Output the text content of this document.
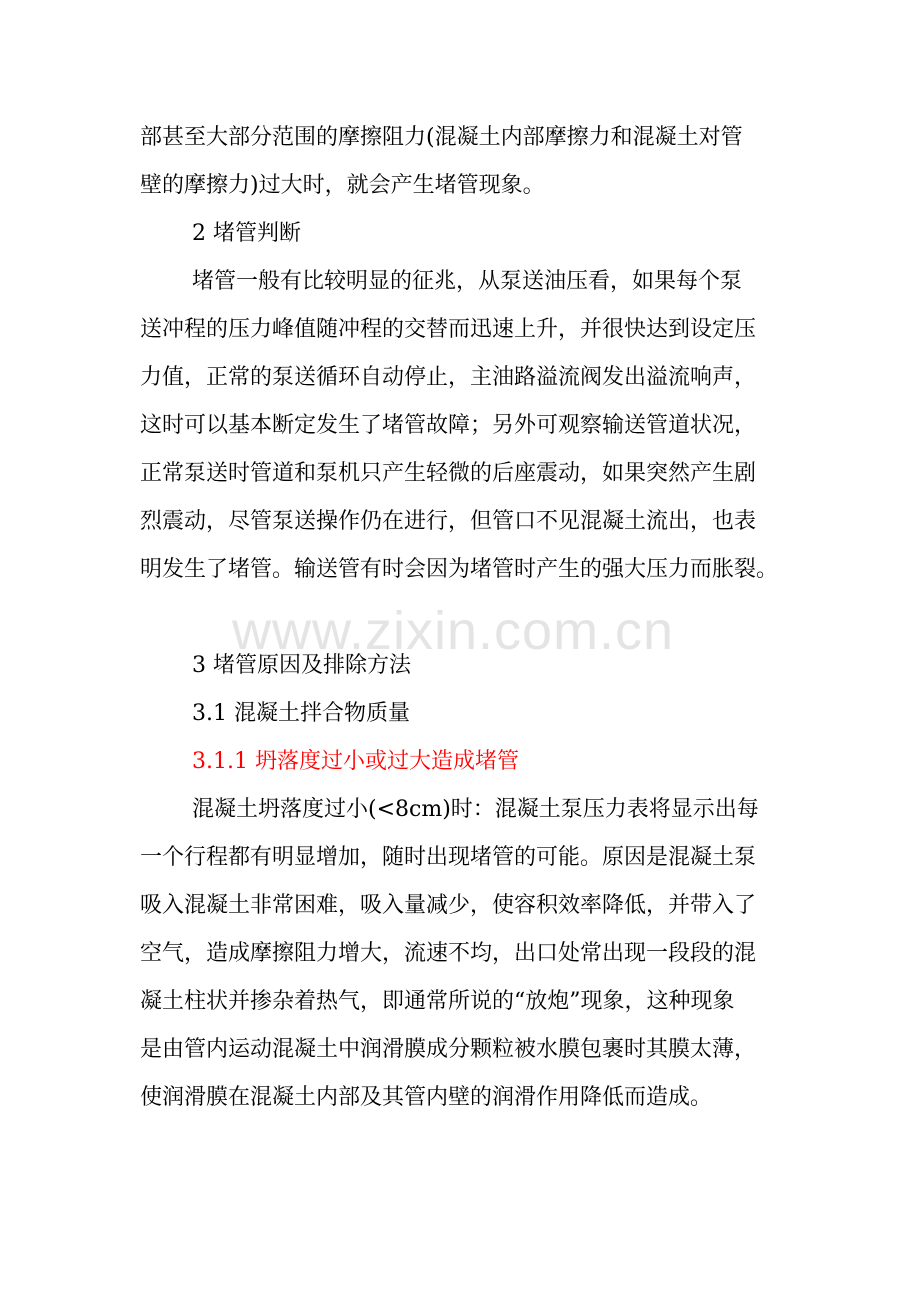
部甚至大部分范围的摩擦阻力(混凝土内部摩擦力和混凝土对管
壁的摩擦力)过大时，就会产生堵管现象。
2 堵管判断
堵管一般有比较明显的征兆，从泵送油压看，如果每个泵
送冲程的压力峰值随冲程的交替而迅速上升，并很快达到设定压
力值，正常的泵送循环自动停止，主油路溢流阀发出溢流响声，
这时可以基本断定发生了堵管故障；另外可观察输送管道状况，
正常泵送时管道和泵机只产生轻微的后座震动，如果突然产生剧
烈震动，尽管泵送操作仍在进行，但管口不见混凝土流出，也表
明发生了堵管。输送管有时会因为堵管时产生的强大压力而胀裂。
www.zixin.com.cn
3 堵管原因及排除方法
3.1 混凝土拌合物质量
3.1.1 坍落度过小或过大造成堵管
混凝土坍落度过小(<8cm)时：混凝土泵压力表将显示出每
一个行程都有明显增加，随时出现堵管的可能。原因是混凝土泵
吸入混凝土非常困难，吸入量减少，使容积效率降低，并带入了
空气，造成摩擦阻力增大，流速不均，出口处常出现一段段的混
凝土柱状并掺杂着热气，即通常所说的“放炮”现象，这种现象
是由管内运动混凝土中润滑膜成分颗粒被水膜包裹时其膜太薄，
使润滑膜在混凝土内部及其管内壁的润滑作用降低而造成。
